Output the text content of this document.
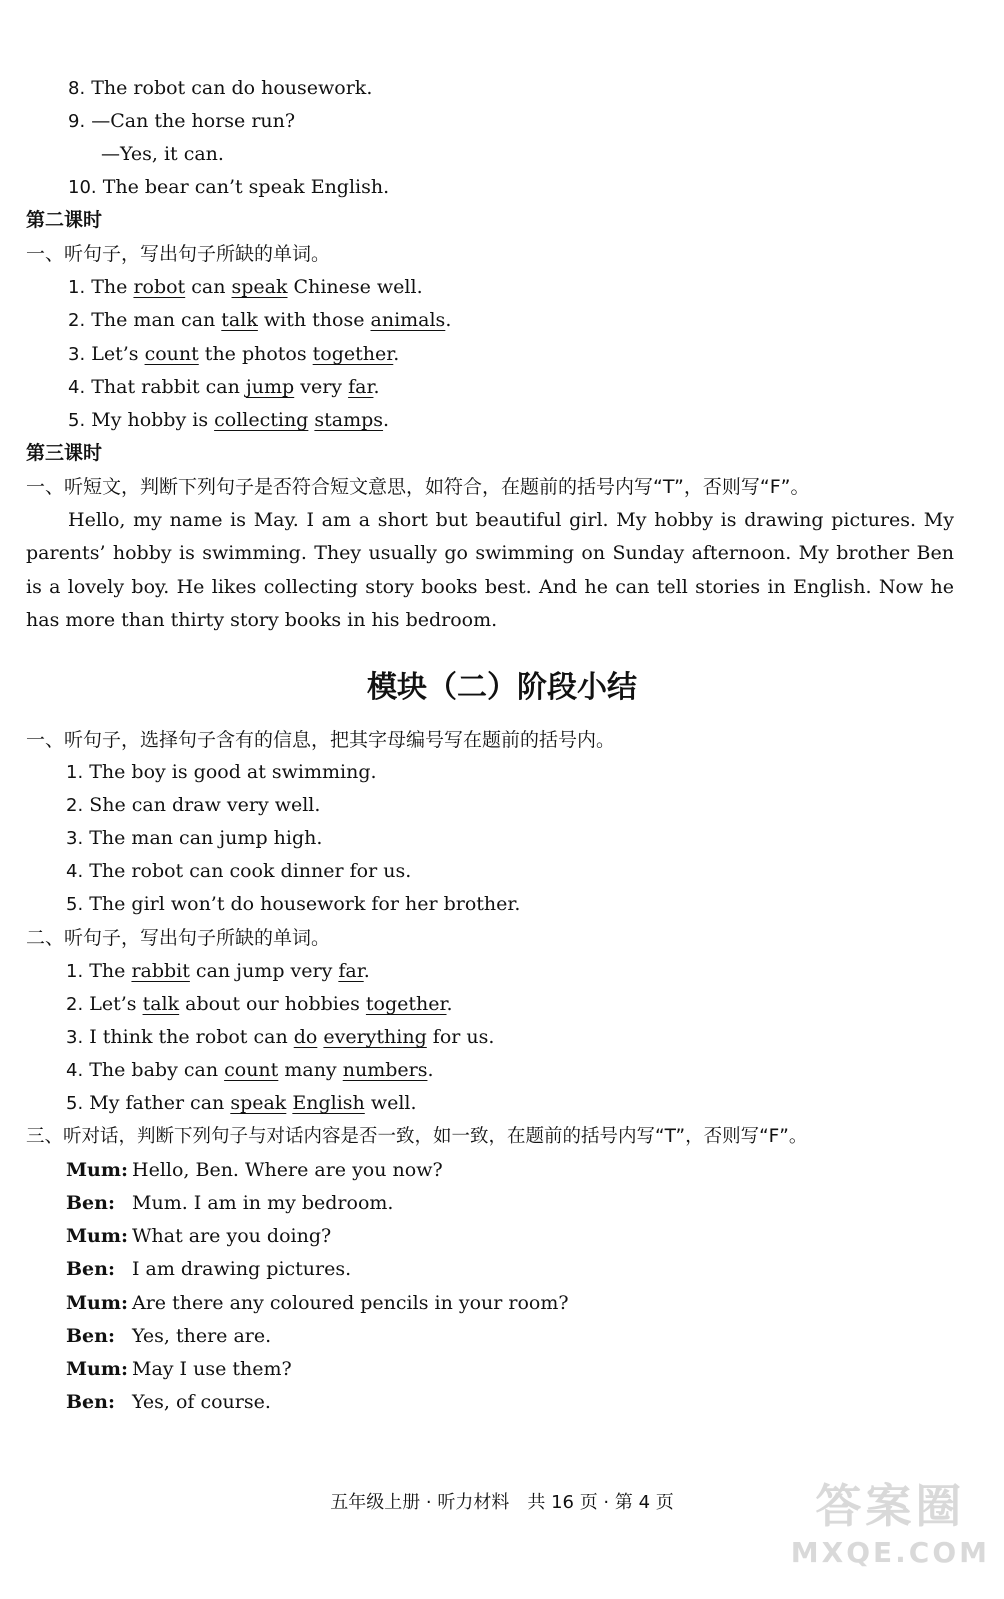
8. The robot can do housework.
9. —Can the horse run?
—Yes, it can.
10. The bear can’t speak English.
第二课时
一、听句子，写出句子所缺的单词。
1. The robot can speak Chinese well.
2. The man can talk with those animals.
3. Let’s count the photos together.
4. That rabbit can jump very far.
5. My hobby is collecting stamps.
第三课时
一、听短文，判断下列句子是否符合短文意思，如符合，在题前的括号内写“T”，否则写“F”。
Hello, my name is May. I am a short but beautiful girl. My hobby is drawing pictures. My parents’ hobby is swimming. They usually go swimming on Sunday afternoon. My brother Ben is a lovely boy. He likes collecting story books best. And he can tell stories in English. Now he has more than thirty story books in his bedroom.
模块（二）阶段小结
一、听句子，选择句子含有的信息，把其字母编号写在题前的括号内。
1. The boy is good at swimming.
2. She can draw very well.
3. The man can jump high.
4. The robot can cook dinner for us.
5. The girl won’t do housework for her brother.
二、听句子，写出句子所缺的单词。
1. The rabbit can jump very far.
2. Let’s talk about our hobbies together.
3. I think the robot can do everything for us.
4. The baby can count many numbers.
5. My father can speak English well.
三、听对话，判断下列句子与对话内容是否一致，如一致，在题前的括号内写“T”，否则写“F”。
Mum: Hello, Ben. Where are you now?
Ben: Mum. I am in my bedroom.
Mum: What are you doing?
Ben: I am drawing pictures.
Mum: Are there any coloured pencils in your room?
Ben: Yes, there are.
Mum: May I use them?
Ben: Yes, of course.
五年级上册 · 听力材料　共 16 页 · 第 4 页	答案圈
MXQE.COM
